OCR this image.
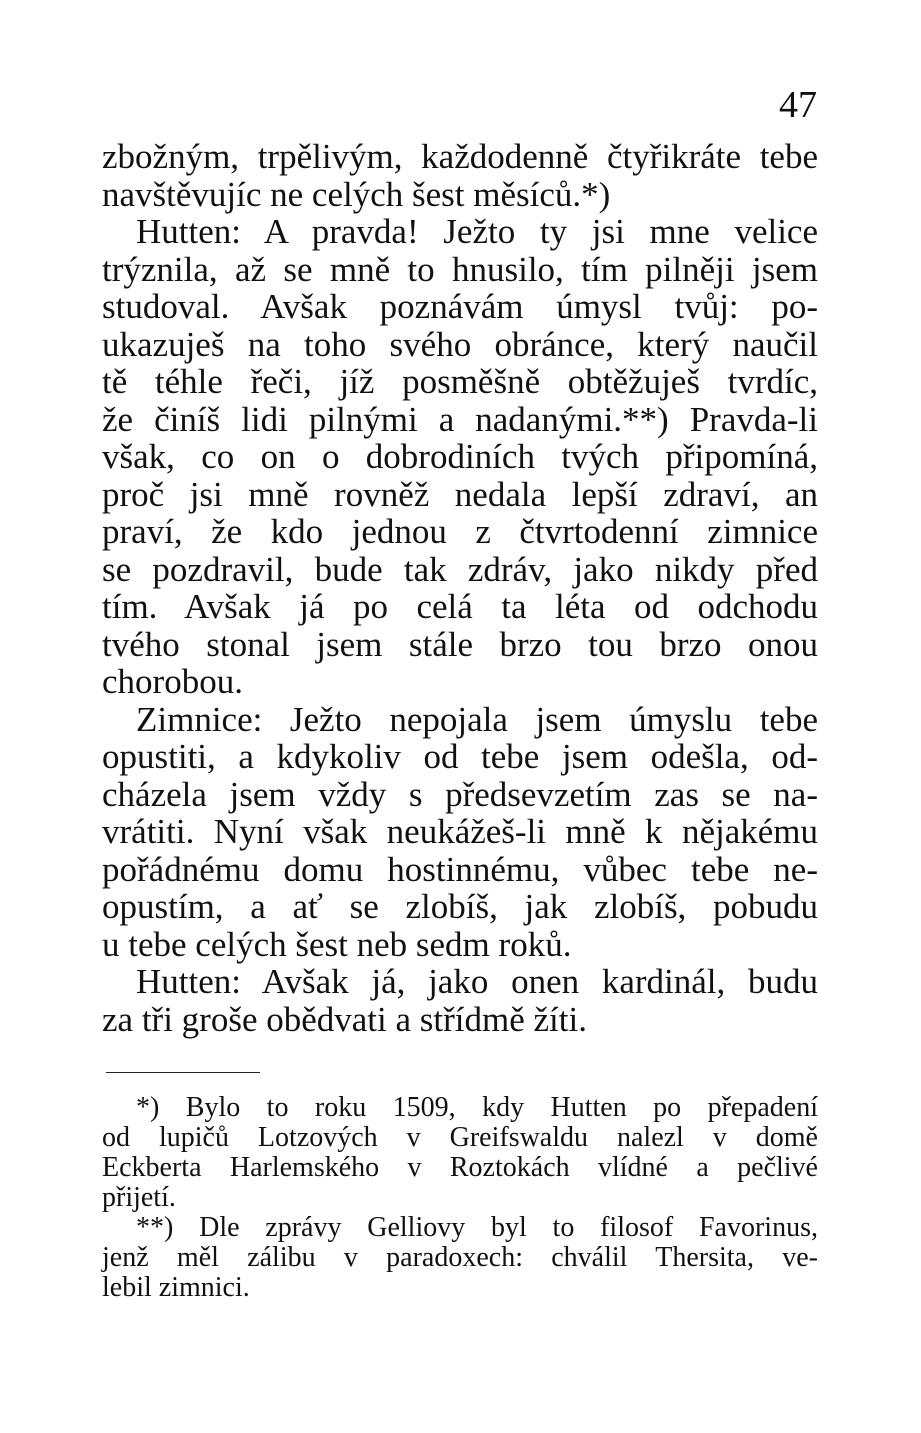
47
zbožným, trpělivým, každodenně čtyřikráte tebe
navštěvujíc ne celých šest měsíců.*)
Hutten: A pravda! Ježto ty jsi mne velice
trýznila, až se mně to hnusilo, tím pilněji jsem
studoval. Avšak poznávám úmysl tvůj: po-
ukazuješ na toho svého obránce, který naučil
tě téhle řeči, jíž posměšně obtěžuješ tvrdíc,
že činíš lidi pilnými a nadanými.**) Pravda-li
však, co on o dobrodiních tvých připomíná,
proč jsi mně rovněž nedala lepší zdraví, an
praví, že kdo jednou z čtvrtodenní zimnice
se pozdravil, bude tak zdráv, jako nikdy před
tím. Avšak já po celá ta léta od odchodu
tvého stonal jsem stále brzo tou brzo onou
chorobou.
Zimnice: Ježto nepojala jsem úmyslu tebe
opustiti, a kdykoliv od tebe jsem odešla, od-
cházela jsem vždy s předsevzetím zas se na-
vrátiti. Nyní však neukážeš-li mně k nějakému
pořádnému domu hostinnému, vůbec tebe ne-
opustím, a ať se zlobíš, jak zlobíš, pobudu
u tebe celých šest neb sedm roků.
Hutten: Avšak já, jako onen kardinál, budu
za tři groše obědvati a střídmě žíti.
*) Bylo to roku 1509, kdy Hutten po přepadení
od lupičů Lotzových v Greifswaldu nalezl v domě
Eckberta Harlemského v Roztokách vlídné a pečlivé
přijetí.
**) Dle zprávy Gelliovy byl to filosof Favorinus,
jenž měl zálibu v paradoxech: chválil Thersita, ve-
lebil zimnici.
